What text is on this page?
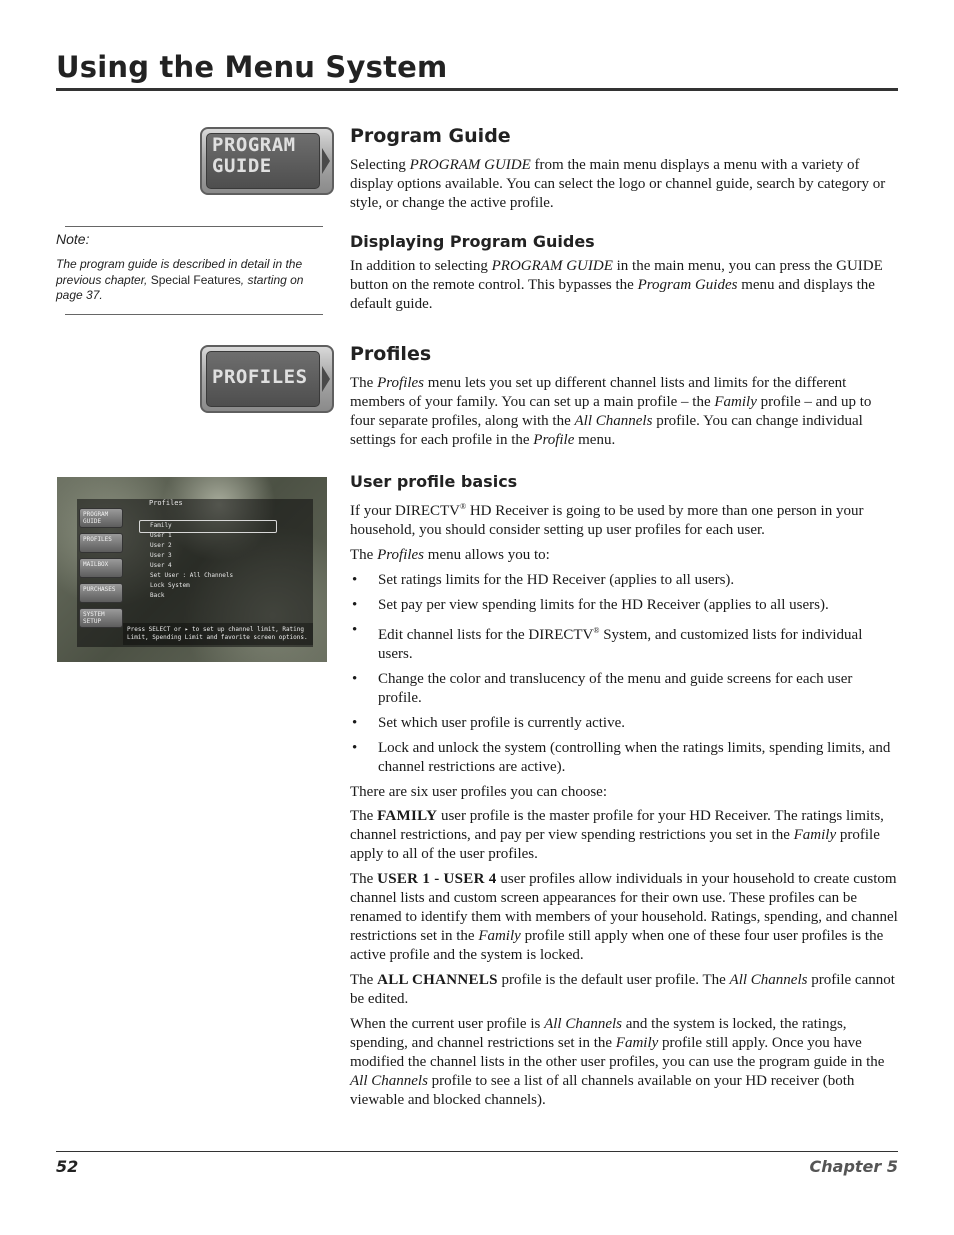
Using the Menu System
PROGRAM
GUIDE
Note:
The program guide is described in detail in the previous chapter, Special Features, starting on page 37.
PROFILES
Profiles
PROGRAM
GUIDE
PROFILES
MAILBOX
PURCHASES
SYSTEM
SETUP
Family
User 1
User 2
User 3
User 4
Set User : All Channels
Lock System
Back
Press SELECT or ▸ to set up channel limit, Rating Limit, Spending Limit and favorite screen options.
Program Guide

Selecting PROGRAM GUIDE from the main menu displays a menu with a variety of display options available. You can select the logo or channel guide, search by category or style, or change the active profile.

Displaying Program Guides

In addition to selecting PROGRAM GUIDE in the main menu, you can press the GUIDE button on the remote control. This bypasses the Program Guides menu and displays the default guide.

Profiles

The Profiles menu lets you set up different channel lists and limits for the different members of your family. You can set up a main profile – the Family profile – and up to four separate profiles, along with the All Channels profile. You can change individual settings for each profile in the Profile menu.

User profile basics

If your DIRECTV® HD Receiver is going to be used by more than one person in your household, you should consider setting up user profiles for each user.

The Profiles menu allows you to:

• Set ratings limits for the HD Receiver (applies to all users).
• Set pay per view spending limits for the HD Receiver (applies to all users).
• Edit channel lists for the DIRECTV® System, and customized lists for individual users.
• Change the color and translucency of the menu and guide screens for each user profile.
• Set which user profile is currently active.
• Lock and unlock the system (controlling when the ratings limits, spending limits, and channel restrictions are active).

There are six user profiles you can choose:

The FAMILY user profile is the master profile for your HD Receiver. The ratings limits, channel restrictions, and pay per view spending restrictions you set in the Family profile apply to all of the user profiles.

The USER 1 - USER 4 user profiles allow individuals in your household to create custom channel lists and custom screen appearances for their own use. These profiles can be renamed to identify them with members of your household. Ratings, spending, and channel restrictions set in the Family profile still apply when one of these four user profiles is the active profile and the system is locked.

The ALL CHANNELS profile is the default user profile. The All Channels profile cannot be edited.

When the current user profile is All Channels and the system is locked, the ratings, spending, and channel restrictions set in the Family profile still apply. Once you have modified the channel lists in the other user profiles, you can use the program guide in the All Channels profile to see a list of all channels available on your HD receiver (both viewable and blocked channels).

52	Chapter 5
